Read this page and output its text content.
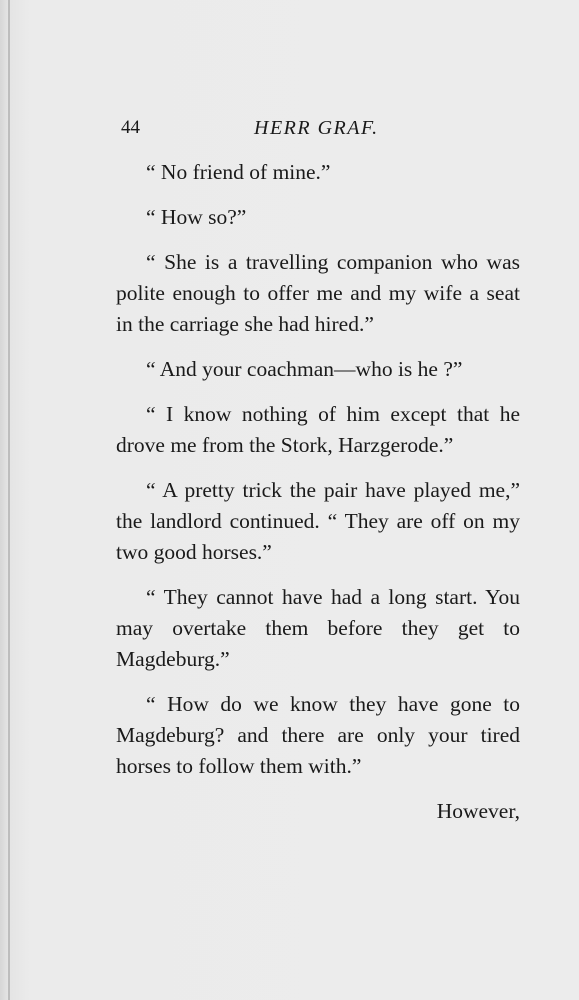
44	HERR GRAF.

“ No friend of mine.”

“ How so?”

“ She is a travelling companion who was polite enough to offer me and my wife a seat in the carriage she had hired.”

“ And your coachman—who is he ?”

“ I know nothing of him except that he drove me from the Stork, Harzgerode.”

“ A pretty trick the pair have played me,” the landlord continued. “ They are off on my two good horses.”

“ They cannot have had a long start. You may overtake them before they get to Magdeburg.”

“ How do we know they have gone to Magdeburg? and there are only your tired horses to follow them with.”

However,
